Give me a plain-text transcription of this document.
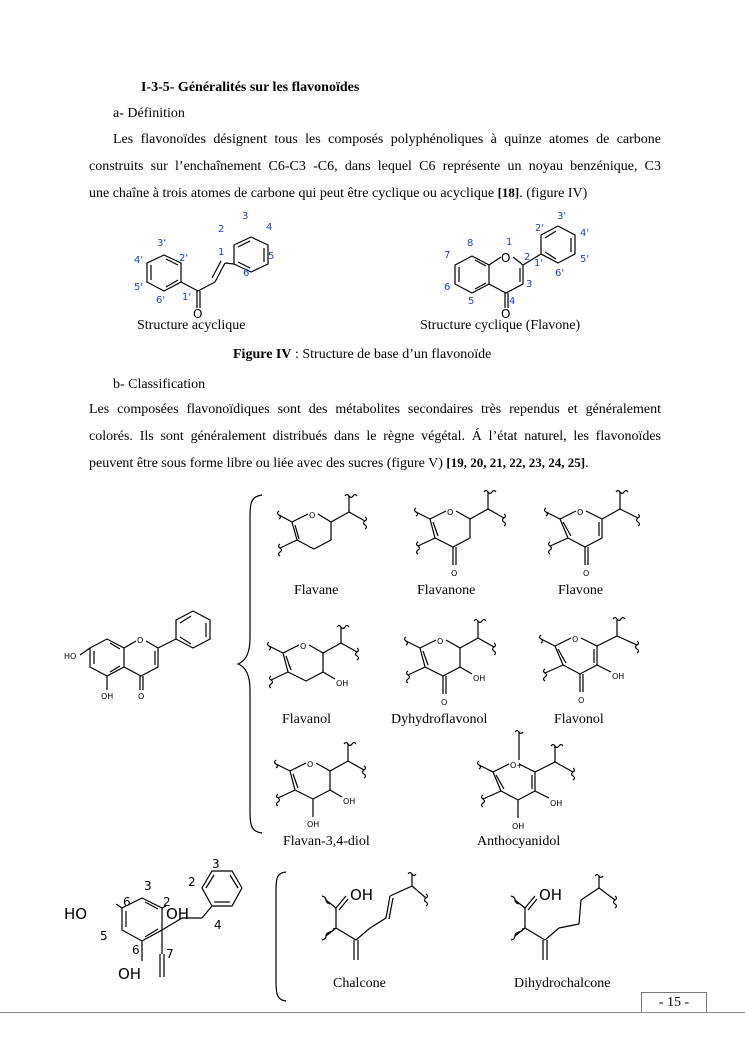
I-3-5- Généralités sur les flavonoïdes
a- Définition
Les flavonoïdes désignent tous les composés polyphénoliques à quinze atomes de carbone
construits sur l’enchaînement C6-C3 -C6, dans lequel C6 représente un noyau benzénique, C3
une chaîne à trois atomes de carbone qui peut être cyclique ou acyclique [18]. (figure IV)
O
1
2
3
4
5
6
1'
2'
3'
4'
5'
6'
O
O
1
2
3
4
5
6
7
8
1'
2'
3'
4'
5'
6'
Structure acyclique	Structure cyclique (Flavone)
Figure IV : Structure de base d’un flavonoïde
b- Classification
Les composées flavonoïdiques sont des métabolites secondaires très rependus et généralement
colorés. Ils sont généralement distribués dans le règne végétal. Á l’état naturel, les flavonoïdes
peuvent être sous forme libre ou liée avec des sucres (figure V) [19, 20, 21, 22, 23, 24, 25].
O
O
HO
OH
O
Flavane
O
O
Flavanone
O
O
Flavone
O
OH
Flavanol
O
O
OH
Dyhydroflavonol
O
O
OH
Flavonol
O
OH
OH
Flavan-3,4-diol
O+
OH
OH
Anthocyanidol
HO	OH
OH
6	2
3
5
6 7
2
3
4
OH
Chalcone
OH
Dihydrochalcone
- 15 -
